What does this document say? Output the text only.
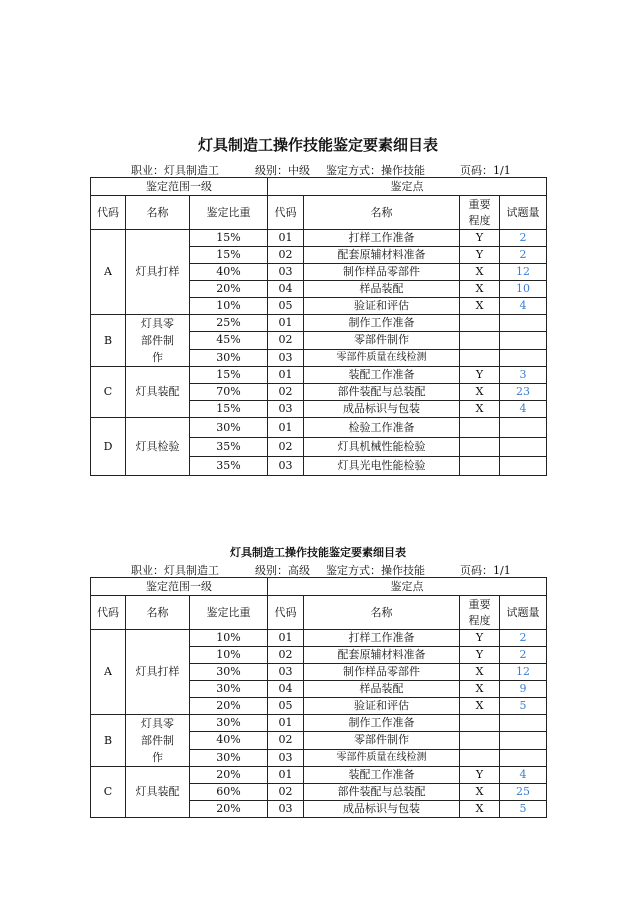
灯具制造工操作技能鉴定要素细目表
职业：灯具制造工	级别：中级 鉴定方式：操作技能	页码：1/1
鉴定范围一级			鉴定点			
代码	名称	鉴定比重	代码	名称	重要程度	试题量
A	灯具打样	15%	01	打样工作准备	Y	2
		15%	02	配套原辅材料准备	Y	2
		40%	03	制作样品零部件	X	12
		20%	04	样品装配	X	10
		10%	05	验证和评估	X	4
B	灯具零部件制作	25%	01	制作工作准备		
		45%	02	零部件制作		
		30%	03	零部件质量在线检测		
C	灯具装配	15%	01	装配工作准备	Y	3
		70%	02	部件装配与总装配	X	23
		15%	03	成品标识与包装	X	4
D	灯具检验	30%	01	检验工作准备		
		35%	02	灯具机械性能检验		
		35%	03	灯具光电性能检验		
灯具制造工操作技能鉴定要素细目表
职业：灯具制造工	级别：高级 鉴定方式：操作技能	页码：1/1
鉴定范围一级			鉴定点			
代码	名称	鉴定比重	代码	名称	重要程度	试题量
A	灯具打样	10%	01	打样工作准备	Y	2
		10%	02	配套原辅材料准备	Y	2
		30%	03	制作样品零部件	X	12
		30%	04	样品装配	X	9
		20%	05	验证和评估	X	5
B	灯具零部件制作	30%	01	制作工作准备		
		40%	02	零部件制作		
		30%	03	零部件质量在线检测		
C	灯具装配	20%	01	装配工作准备	Y	4
		60%	02	部件装配与总装配	X	25
		20%	03	成品标识与包装	X	5
